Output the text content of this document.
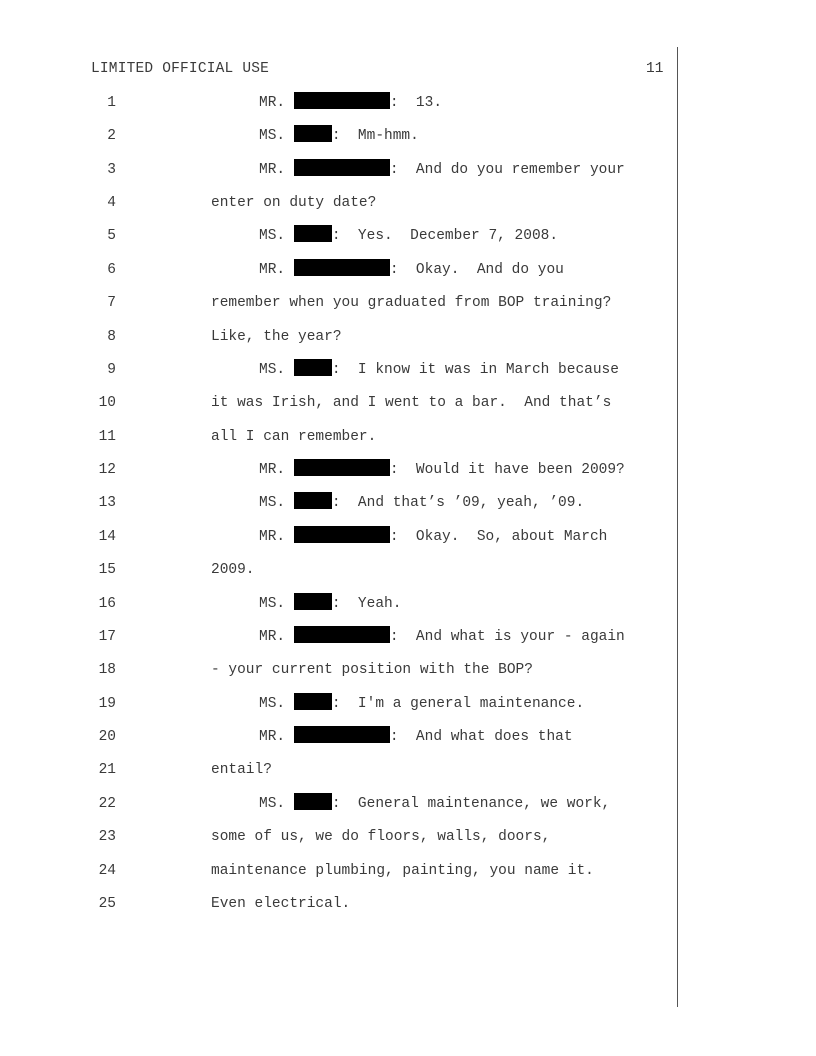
LIMITED OFFICIAL USE	11
1	MR.	:  13.
2	MS.	:  Mm-hmm.
3	MR.	:  And do you remember your
4	enter on duty date?
5	MS.	:  Yes.  December 7, 2008.
6	MR.	:  Okay.  And do you
7	remember when you graduated from BOP training?
8	Like, the year?
9	MS.	:  I know it was in March because
10	it was Irish, and I went to a bar.  And that’s
11	all I can remember.
12	MR.	:  Would it have been 2009?
13	MS.	:  And that’s ’09, yeah, ’09.
14	MR.	:  Okay.  So, about March
15	2009.
16	MS.	:  Yeah.
17	MR.	:  And what is your - again
18	- your current position with the BOP?
19	MS.	:  I'm a general maintenance.
20	MR.	:  And what does that
21	entail?
22	MS.	:  General maintenance, we work,
23	some of us, we do floors, walls, doors,
24	maintenance plumbing, painting, you name it.
25	Even electrical.
